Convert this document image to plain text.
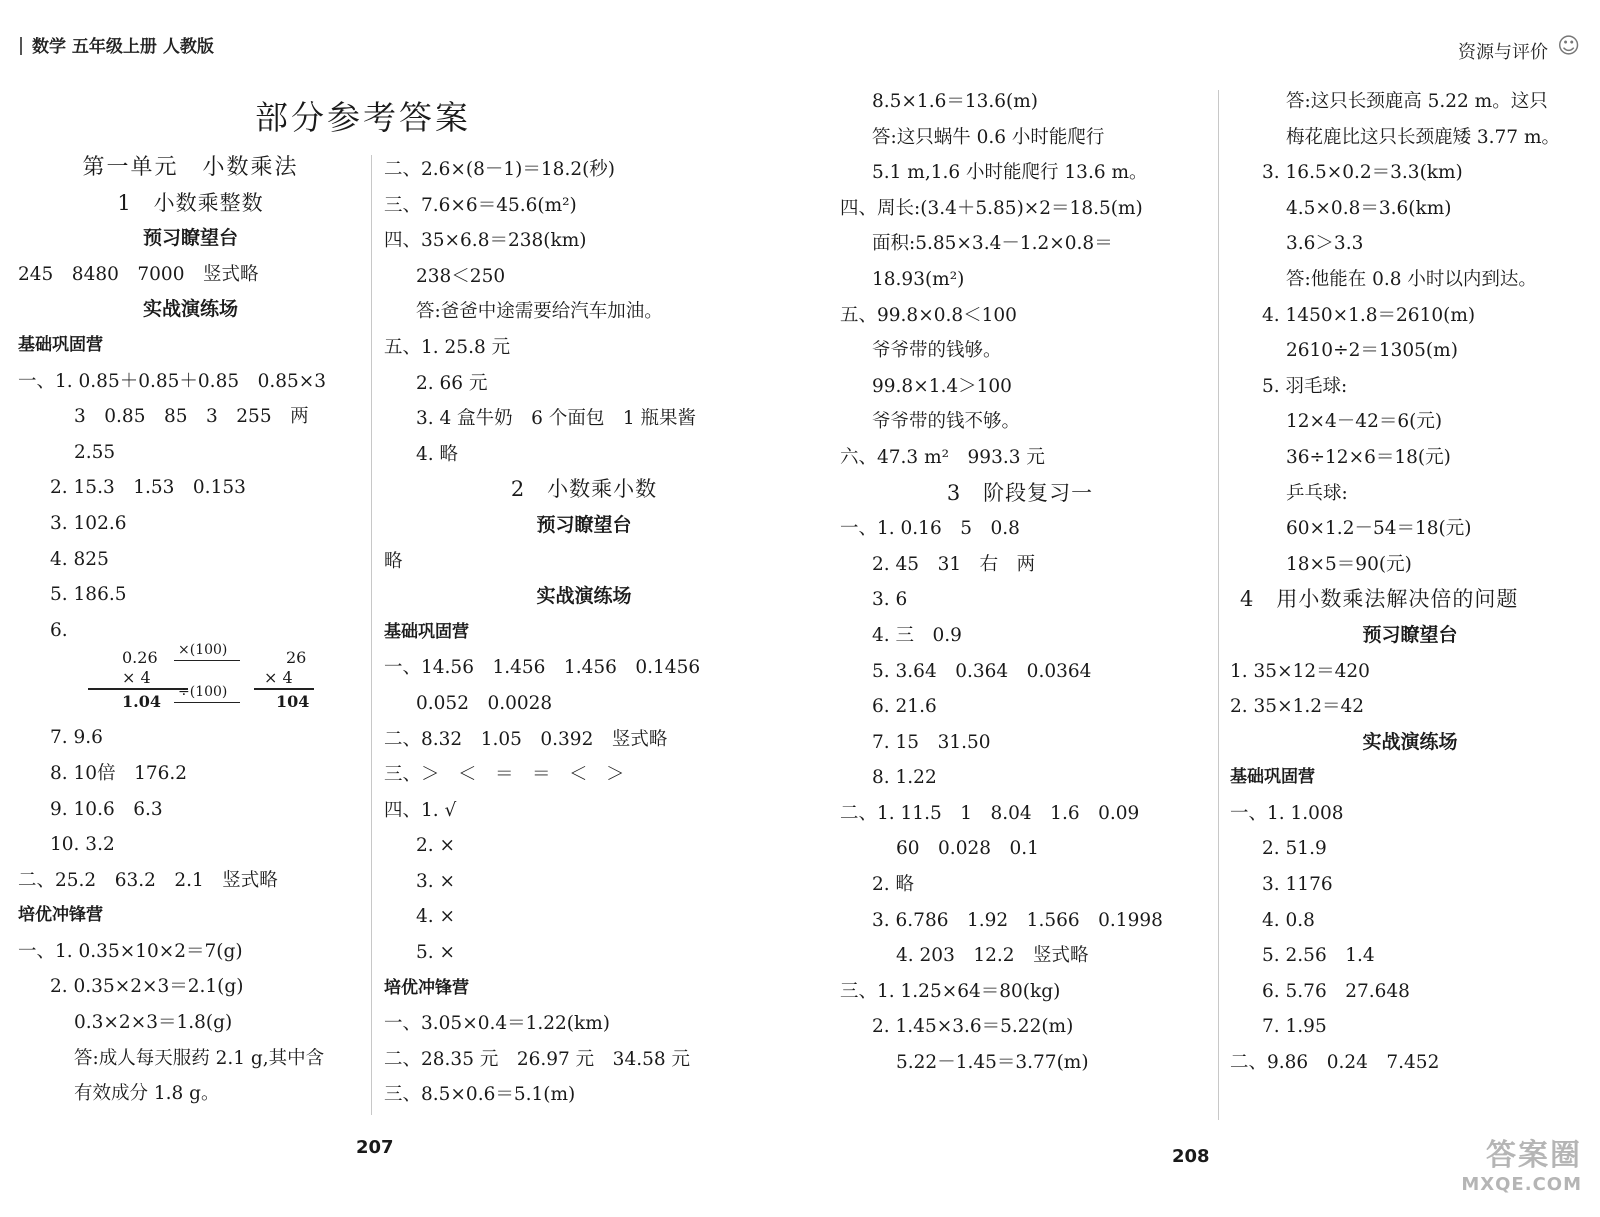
数学 五年级上册 人教版
部分参考答案
第一单元　小数乘法
1　小数乘整数
预习瞭望台
245　8480　7000　竖式略
实战演练场
基础巩固营
一、1. 0.85＋0.85＋0.85　0.85×3
3　0.85　85　3　255　两
2.55
2. 15.3　1.53　0.153
3. 102.6
4. 825
5. 186.5
6.
0.26 ×(100)	26
× 4	× 4
1.04 ÷(100)	104
7. 9.6
8. 10倍　176.2
9. 10.6　6.3
10. 3.2
二、25.2　63.2　2.1　竖式略
培优冲锋营
一、1. 0.35×10×2＝7(g)
2. 0.35×2×3＝2.1(g)
0.3×2×3＝1.8(g)
答:成人每天服药 2.1 g,其中含
有效成分 1.8 g。
二、2.6×(8－1)＝18.2(秒)
三、7.6×6＝45.6(m²)
四、35×6.8＝238(km)
238＜250
答:爸爸中途需要给汽车加油。
五、1. 25.8 元
2. 66 元
3. 4 盒牛奶　6 个面包　1 瓶果酱
4. 略
2　小数乘小数
预习瞭望台
略
实战演练场
基础巩固营
一、14.56　1.456　1.456　0.1456
0.052　0.0028
二、8.32　1.05　0.392　竖式略
三、＞　＜　＝　＝　＜　＞
四、1. √
2. ×
3. ×
4. ×
5. ×
培优冲锋营
一、3.05×0.4＝1.22(km)
二、28.35 元　26.97 元　34.58 元
三、8.5×0.6＝5.1(m)
207
资源与评价 ☺
8.5×1.6＝13.6(m)
答:这只蜗牛 0.6 小时能爬行
5.1 m,1.6 小时能爬行 13.6 m。
四、周长:(3.4＋5.85)×2＝18.5(m)
面积:5.85×3.4－1.2×0.8＝
18.93(m²)
五、99.8×0.8＜100
爷爷带的钱够。
99.8×1.4＞100
爷爷带的钱不够。
六、47.3 m²　993.3 元
3　阶段复习一
一、1. 0.16　5　0.8
2. 45　31　右　两
3. 6
4. 三　0.9
5. 3.64　0.364　0.0364
6. 21.6
7. 15　31.50
8. 1.22
二、1. 11.5　1　8.04　1.6　0.09
60　0.028　0.1
2. 略
3. 6.786　1.92　1.566　0.1998
4. 203　12.2　竖式略
三、1. 1.25×64＝80(kg)
2. 1.45×3.6＝5.22(m)
5.22－1.45＝3.77(m)
答:这只长颈鹿高 5.22 m。这只
梅花鹿比这只长颈鹿矮 3.77 m。
3. 16.5×0.2＝3.3(km)
4.5×0.8＝3.6(km)
3.6＞3.3
答:他能在 0.8 小时以内到达。
4. 1450×1.8＝2610(m)
2610÷2＝1305(m)
5. 羽毛球:
12×4－42＝6(元)
36÷12×6＝18(元)
乒乓球:
60×1.2－54＝18(元)
18×5＝90(元)
4　用小数乘法解决倍的问题
预习瞭望台
1. 35×12＝420
2. 35×1.2＝42
实战演练场
基础巩固营
一、1. 1.008
2. 51.9
3. 1176
4. 0.8
5. 2.56　1.4
6. 5.76　27.648
7. 1.95
二、9.86　0.24　7.452
208	答案圈
MXQE.COM
